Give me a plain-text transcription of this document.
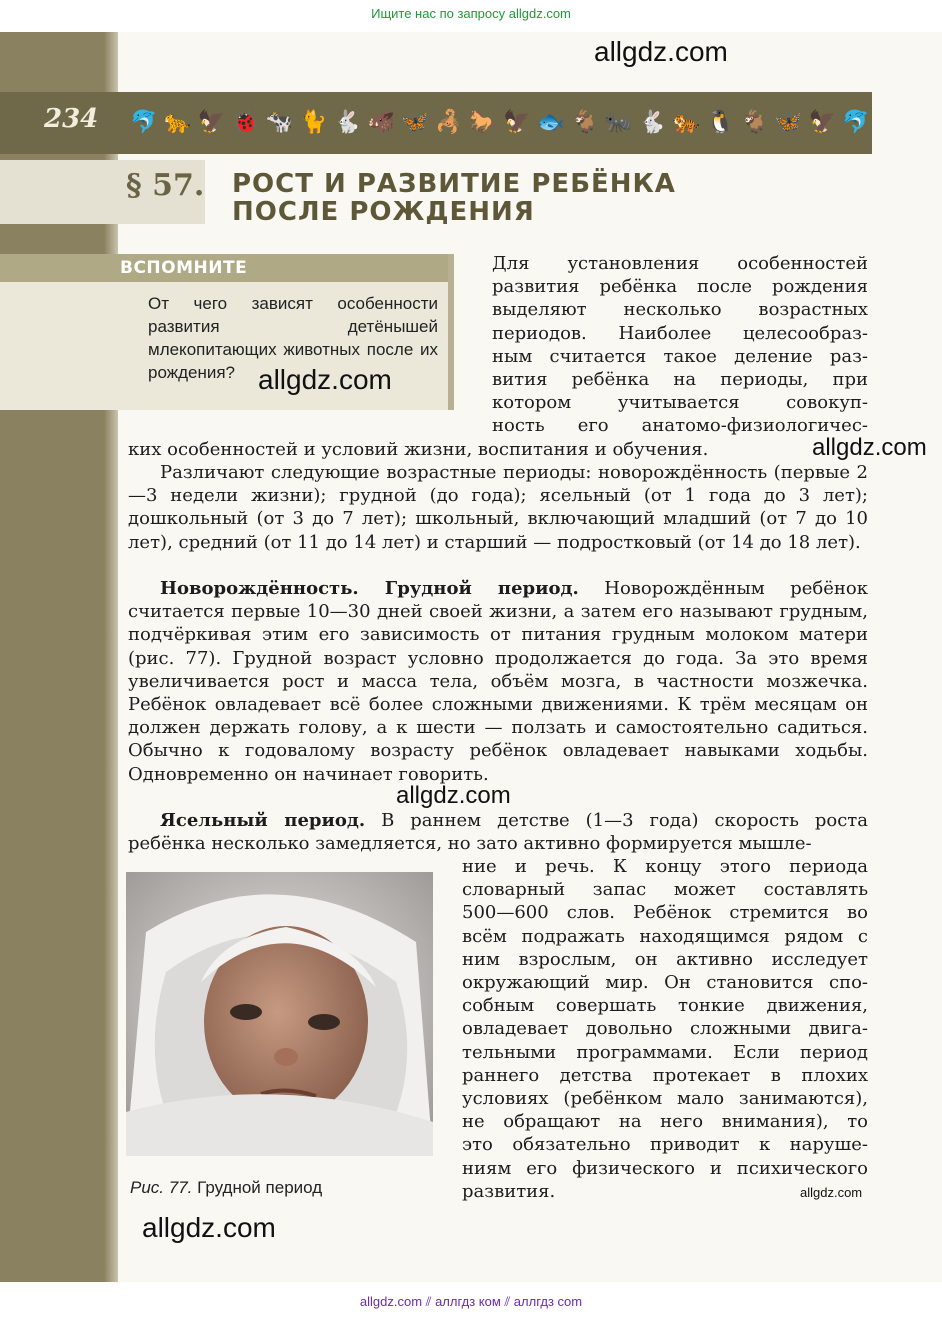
Ищите нас по запросу allgdz.com
allgdz.com
234 🐬 🐆 🦅 🐞 🐄 🐈 🐇 🐗 🦋 🦂 🐎 🦅 🐟 🐐 🐜 🐇 🐅 🐧 🐐 🦋 🦅 🐬
§ 57. РОСТ И РАЗВИТИЕ РЕБЁНКА
ПОСЛЕ РОЖДЕНИЯ
ВСПОМНИТЕ
От чего зависят особенности развития детёнышей млекопитающих животных после их рождения? allgdz.com
Для установления особенностей
развития ребёнка после рождения
выделяют несколько возрастных
периодов. Наиболее целесообраз-
ным считается такое деление раз-
вития ребёнка на периоды, при
котором учитывается совокуп-
ность его анатомо-физиологичес-

ких особенностей и условий жизни, воспитания и обучения.	allgdz.com

Различают следующие возрастные периоды: новорождённость (первые 2—3 недели жизни); грудной (до года); ясельный (от 1 года до 3 лет); дошкольный (от 3 до 7 лет); школьный, включающий младший (от 7 до 10 лет), средний (от 11 до 14 лет) и старший — подростковый (от 14 до 18 лет).

Новорождённость. Грудной период. Новорождённым ребёнок считается первые 10—30 дней своей жизни, а затем его называют грудным, подчёркивая этим его зависимость от питания грудным молоком матери (рис. 77). Грудной возраст условно продолжается до года. За это время увеличивается рост и масса тела, объём мозга, в частности мозжечка. Ребёнок овладевает всё более сложными движениями. К трём месяцам он должен держать голову, а к шести — ползать и самостоятельно садиться. Обычно к годовалому возрасту ребёнок овладевает навыками ходьбы. Одновременно он начинает говорить.

allgdz.com

Ясельный период. В раннем детстве (1—3 года) скорость роста ребёнка несколько замедляется, но зато активно формируется мышле-

ние и речь. К концу этого периода
словарный запас может составлять
500—600 слов. Ребёнок стремится во
всём подражать находящимся рядом с
ним взрослым, он активно исследует
окружающий мир. Он становится спо-
собным совершать тонкие движения,
овладевает довольно сложными двига-
тельными программами. Если период
раннего детства протекает в плохих
условиях (ребёнком мало занимаются),
не обращают на него внимания), то
это обязательно приводит к наруше-
ниям его физического и психического

развития.	allgdz.com
Рис. 77. Грудной период
allgdz.com
allgdz.com ⫽ аллгдз ком ⫽ аллгдз com
